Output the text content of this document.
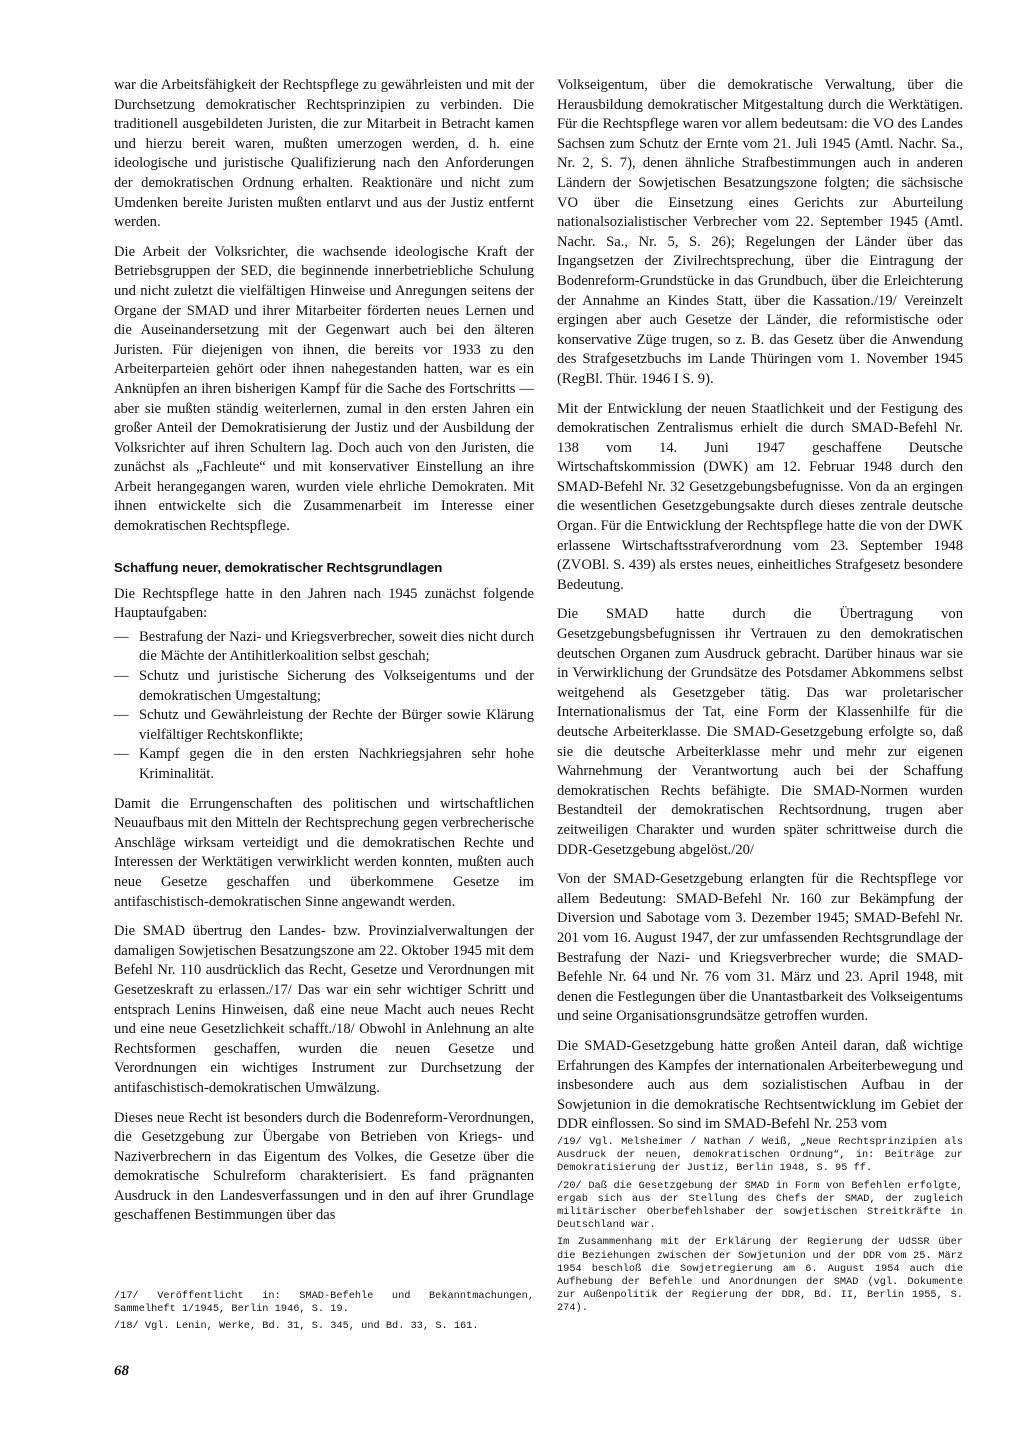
war die Arbeitsfähigkeit der Rechtspflege zu gewährleisten und mit der Durchsetzung demokratischer Rechtsprinzipien zu verbinden. Die traditionell ausgebildeten Juristen, die zur Mitarbeit in Betracht kamen und hierzu bereit waren, mußten umerzogen werden, d. h. eine ideologische und juristische Qualifizierung nach den Anforderungen der demokratischen Ordnung erhalten. Reaktionäre und nicht zum Umdenken bereite Juristen mußten entlarvt und aus der Justiz entfernt werden.

Die Arbeit der Volksrichter, die wachsende ideologische Kraft der Betriebsgruppen der SED, die beginnende innerbetriebliche Schulung und nicht zuletzt die vielfältigen Hinweise und Anregungen seitens der Organe der SMAD und ihrer Mitarbeiter förderten neues Lernen und die Auseinandersetzung mit der Gegenwart auch bei den älteren Juristen. Für diejenigen von ihnen, die bereits vor 1933 zu den Arbeiterparteien gehört oder ihnen nahegestanden hatten, war es ein Anknüpfen an ihren bisherigen Kampf für die Sache des Fortschritts — aber sie mußten ständig weiterlernen, zumal in den ersten Jahren ein großer Anteil der Demokratisierung der Justiz und der Ausbildung der Volksrichter auf ihren Schultern lag. Doch auch von den Juristen, die zunächst als „Fachleute“ und mit konservativer Einstellung an ihre Arbeit herangegangen waren, wurden viele ehrliche Demokraten. Mit ihnen entwickelte sich die Zusammenarbeit im Interesse einer demokratischen Rechtspflege.

Schaffung neuer, demokratischer Rechtsgrundlagen

Die Rechtspflege hatte in den Jahren nach 1945 zunächst folgende Hauptaufgaben:

— Bestrafung der Nazi- und Kriegsverbrecher, soweit dies nicht durch die Mächte der Antihitlerkoalition selbst geschah;
— Schutz und juristische Sicherung des Volkseigentums und der demokratischen Umgestaltung;
— Schutz und Gewährleistung der Rechte der Bürger sowie Klärung vielfältiger Rechtskonflikte;
— Kampf gegen die in den ersten Nachkriegsjahren sehr hohe Kriminalität.

Damit die Errungenschaften des politischen und wirtschaftlichen Neuaufbaus mit den Mitteln der Rechtsprechung gegen verbrecherische Anschläge wirksam verteidigt und die demokratischen Rechte und Interessen der Werktätigen verwirklicht werden konnten, mußten auch neue Gesetze geschaffen und überkommene Gesetze im antifaschistisch-demokratischen Sinne angewandt werden.

Die SMAD übertrug den Landes- bzw. Provinzialverwaltungen der damaligen Sowjetischen Besatzungszone am 22. Oktober 1945 mit dem Befehl Nr. 110 ausdrücklich das Recht, Gesetze und Verordnungen mit Gesetzeskraft zu erlassen./17/ Das war ein sehr wichtiger Schritt und entsprach Lenins Hinweisen, daß eine neue Macht auch neues Recht und eine neue Gesetzlichkeit schafft./18/ Obwohl in Anlehnung an alte Rechtsformen geschaffen, wurden die neuen Gesetze und Verordnungen ein wichtiges Instrument zur Durchsetzung der antifaschistisch-demokratischen Umwälzung.

Dieses neue Recht ist besonders durch die Bodenreform-Verordnungen, die Gesetzgebung zur Übergabe von Betrieben von Kriegs- und Naziverbrechern in das Eigentum des Volkes, die Gesetze über die demokratische Schulreform charakterisiert. Es fand prägnanten Ausdruck in den Landesverfassungen und in den auf ihrer Grundlage geschaffenen Bestimmungen über das

/17/ Veröffentlicht in: SMAD-Befehle und Bekanntmachungen, Sammelheft 1/1945, Berlin 1946, S. 19.
/18/ Vgl. Lenin, Werke, Bd. 31, S. 345, und Bd. 33, S. 161.

Volkseigentum, über die demokratische Verwaltung, über die Herausbildung demokratischer Mitgestaltung durch die Werktätigen. Für die Rechtspflege waren vor allem bedeutsam: die VO des Landes Sachsen zum Schutz der Ernte vom 21. Juli 1945 (Amtl. Nachr. Sa., Nr. 2, S. 7), denen ähnliche Strafbestimmungen auch in anderen Ländern der Sowjetischen Besatzungszone folgten; die sächsische VO über die Einsetzung eines Gerichts zur Aburteilung nationalsozialistischer Verbrecher vom 22. September 1945 (Amtl. Nachr. Sa., Nr. 5, S. 26); Regelungen der Länder über das Ingangsetzen der Zivilrechtsprechung, über die Eintragung der Bodenreform-Grundstücke in das Grundbuch, über die Erleichterung der Annahme an Kindes Statt, über die Kassation./19/ Vereinzelt ergingen aber auch Gesetze der Länder, die reformistische oder konservative Züge trugen, so z. B. das Gesetz über die Anwendung des Strafgesetzbuchs im Lande Thüringen vom 1. November 1945 (RegBl. Thür. 1946 I S. 9).

Mit der Entwicklung der neuen Staatlichkeit und der Festigung des demokratischen Zentralismus erhielt die durch SMAD-Befehl Nr. 138 vom 14. Juni 1947 geschaffene Deutsche Wirtschaftskommission (DWK) am 12. Februar 1948 durch den SMAD-Befehl Nr. 32 Gesetzgebungsbefugnisse. Von da an ergingen die wesentlichen Gesetzgebungsakte durch dieses zentrale deutsche Organ. Für die Entwicklung der Rechtspflege hatte die von der DWK erlassene Wirtschaftsstrafverordnung vom 23. September 1948 (ZVOBl. S. 439) als erstes neues, einheitliches Strafgesetz besondere Bedeutung.

Die SMAD hatte durch die Übertragung von Gesetzgebungsbefugnissen ihr Vertrauen zu den demokratischen deutschen Organen zum Ausdruck gebracht. Darüber hinaus war sie in Verwirklichung der Grundsätze des Potsdamer Abkommens selbst weitgehend als Gesetzgeber tätig. Das war proletarischer Internationalismus der Tat, eine Form der Klassenhilfe für die deutsche Arbeiterklasse. Die SMAD-Gesetzgebung erfolgte so, daß sie die deutsche Arbeiterklasse mehr und mehr zur eigenen Wahrnehmung der Verantwortung auch bei der Schaffung demokratischen Rechts befähigte. Die SMAD-Normen wurden Bestandteil der demokratischen Rechtsordnung, trugen aber zeitweiligen Charakter und wurden später schrittweise durch die DDR-Gesetzgebung abgelöst./20/

Von der SMAD-Gesetzgebung erlangten für die Rechtspflege vor allem Bedeutung: SMAD-Befehl Nr. 160 zur Bekämpfung der Diversion und Sabotage vom 3. Dezember 1945; SMAD-Befehl Nr. 201 vom 16. August 1947, der zur umfassenden Rechtsgrundlage der Bestrafung der Nazi- und Kriegsverbrecher wurde; die SMAD-Befehle Nr. 64 und Nr. 76 vom 31. März und 23. April 1948, mit denen die Festlegungen über die Unantastbarkeit des Volkseigentums und seine Organisationsgrundsätze getroffen wurden.

Die SMAD-Gesetzgebung hatte großen Anteil daran, daß wichtige Erfahrungen des Kampfes der internationalen Arbeiterbewegung und insbesondere auch aus dem sozialistischen Aufbau in der Sowjetunion in die demokratische Rechtsentwicklung im Gebiet der DDR einflossen. So sind im SMAD-Befehl Nr. 253 vom

/19/ Vgl. Melsheimer / Nathan / Weiß, „Neue Rechtsprinzipien als Ausdruck der neuen, demokratischen Ordnung“, in: Beiträge zur Demokratisierung der Justiz, Berlin 1948, S. 95 ff.
/20/ Daß die Gesetzgebung der SMAD in Form von Befehlen erfolgte, ergab sich aus der Stellung des Chefs der SMAD, der zugleich militärischer Oberbefehlshaber der sowjetischen Streitkräfte in Deutschland war.
Im Zusammenhang mit der Erklärung der Regierung der UdSSR über die Beziehungen zwischen der Sowjetunion und der DDR vom 25. März 1954 beschloß die Sowjetregierung am 6. August 1954 auch die Aufhebung der Befehle und Anordnungen der SMAD (vgl. Dokumente zur Außenpolitik der Regierung der DDR, Bd. II, Berlin 1955, S. 274).
68
